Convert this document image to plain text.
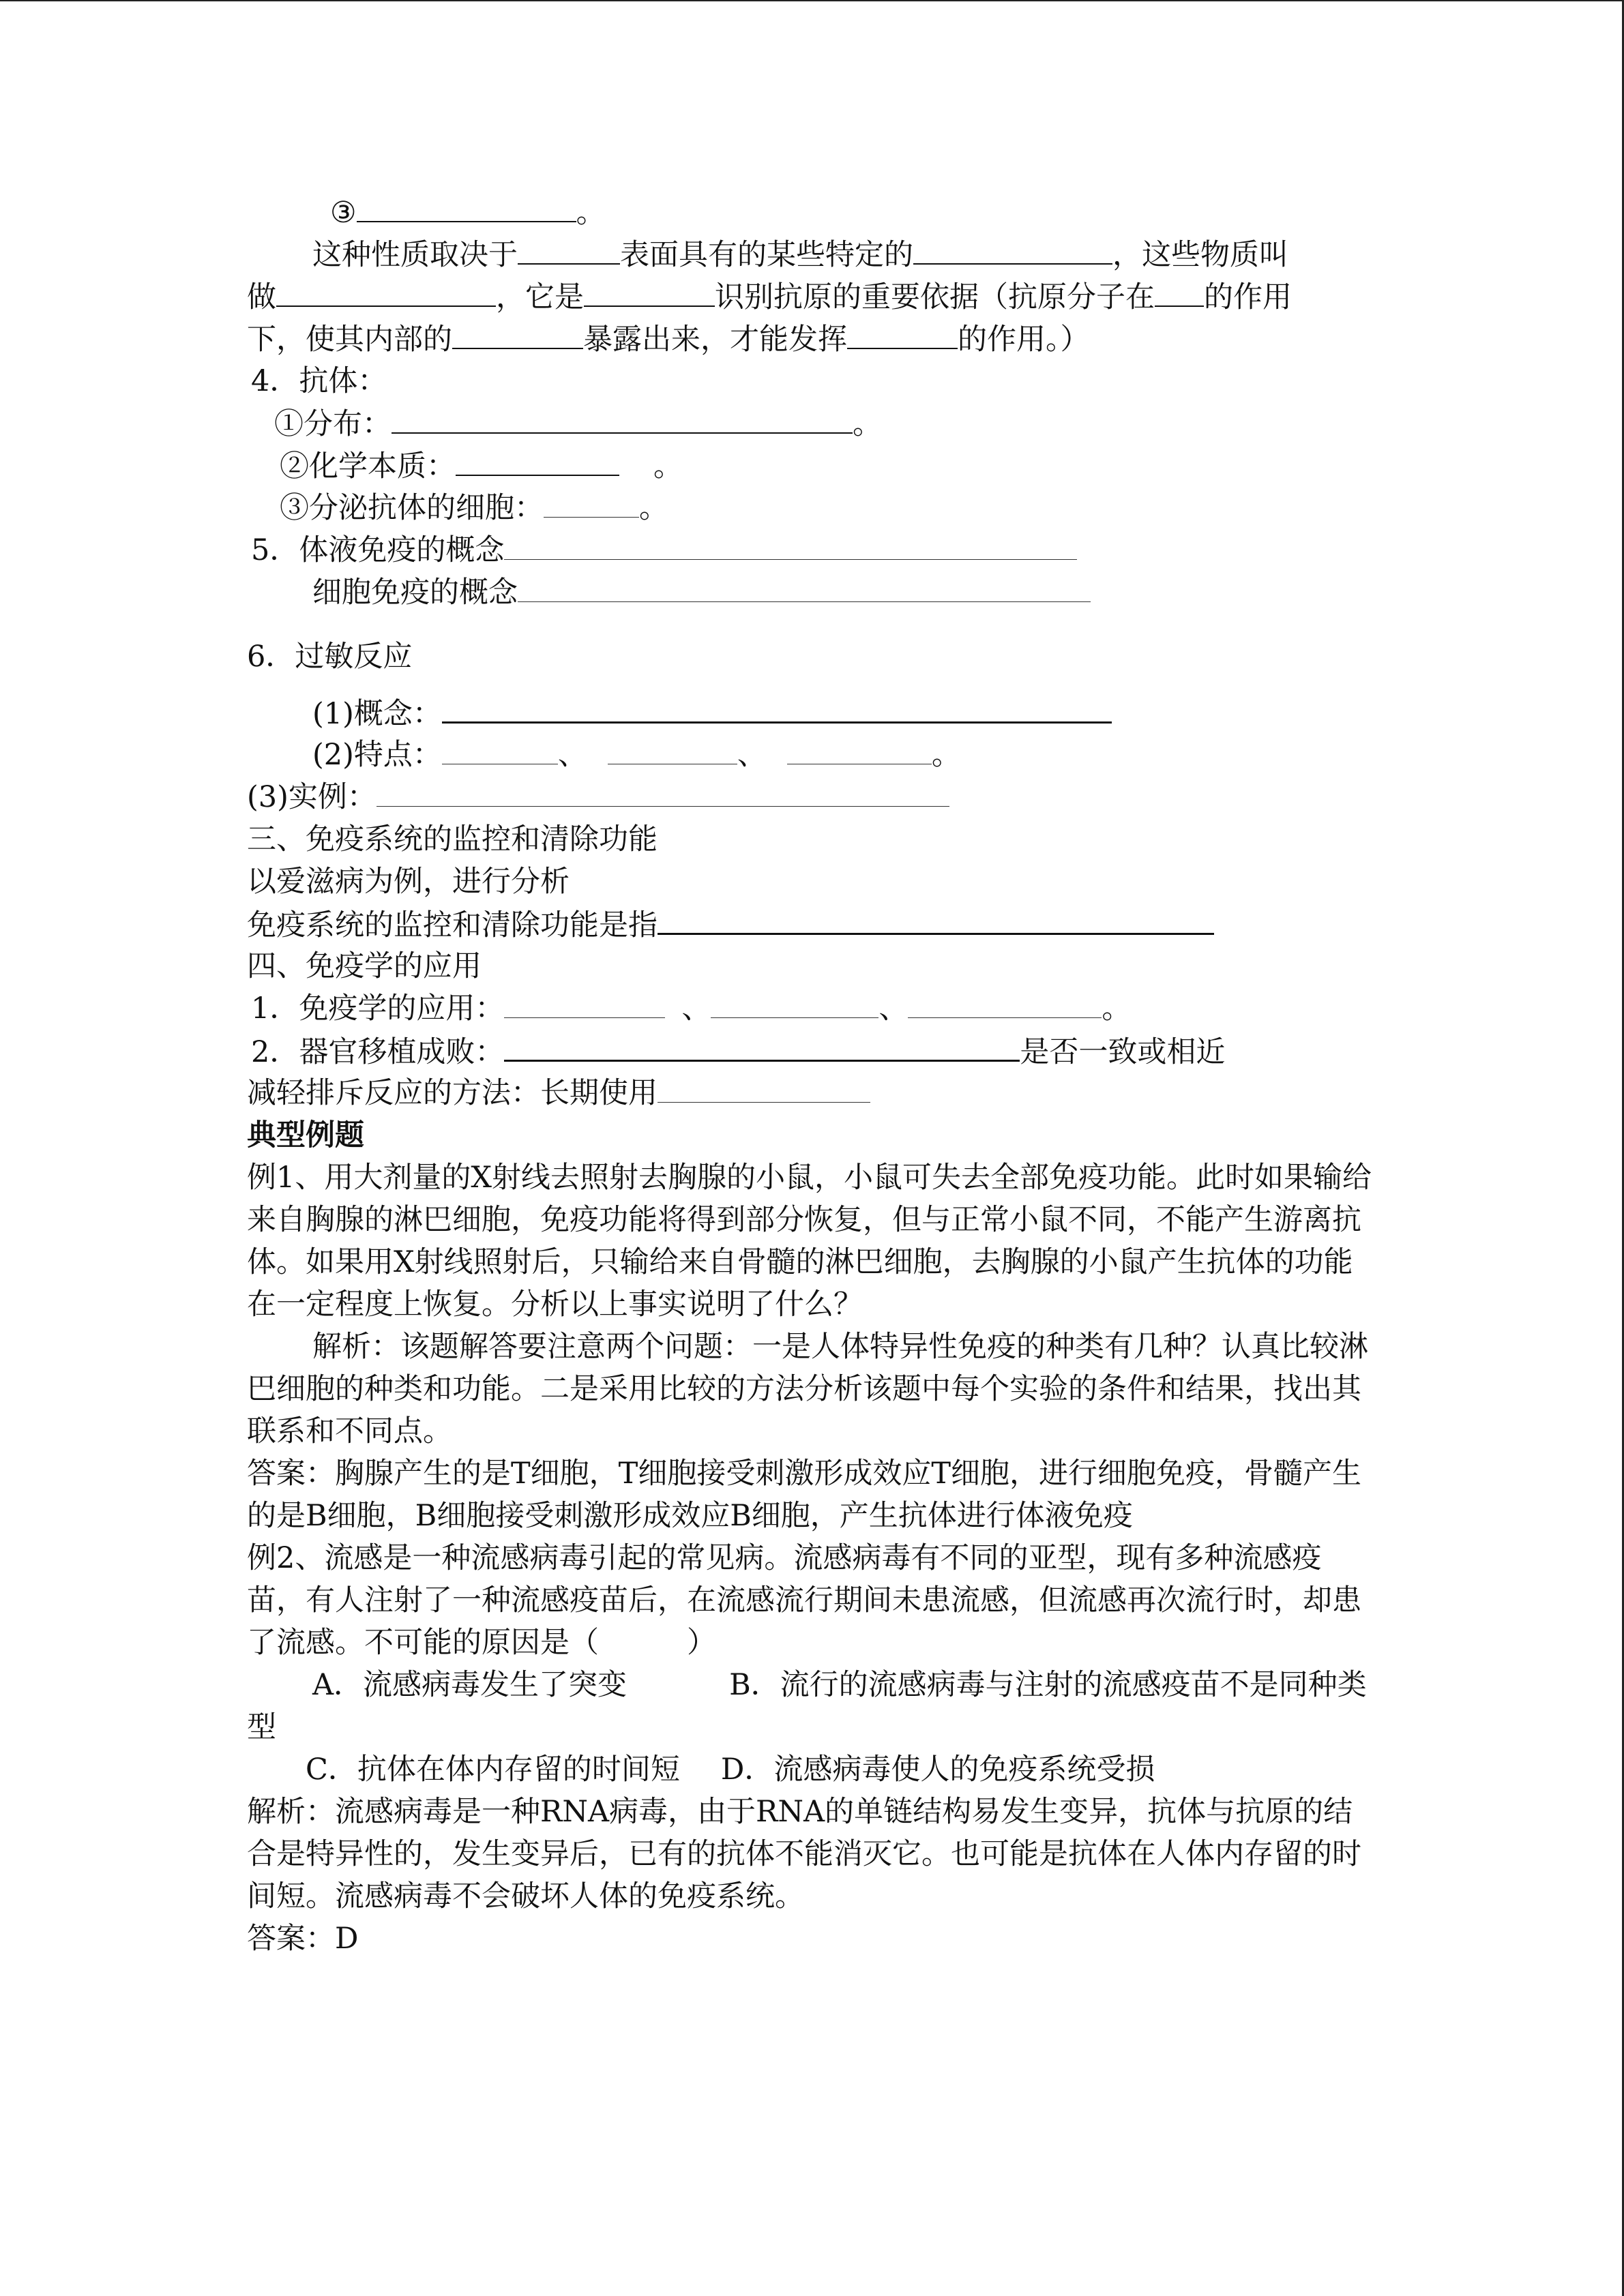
③	。
这种性质取决于	表面具有的某些特定的	，这些物质叫
做	，它是	识别抗原的重要依据（抗原分子在 的作用
下，使其内部的	暴露出来，才能发挥	的作用。）
4．抗体：
①分布：	。
②化学本质：	。
③分泌抗体的细胞：	。
5．体液免疫的概念
细胞免疫的概念
6．过敏反应
(1)概念：
(2)特点：	、	、	。
(3)实例：
三、免疫系统的监控和清除功能
以爱滋病为例，进行分析
免疫系统的监控和清除功能是指
四、免疫学的应用
1．免疫学的应用：	、	、	。
2．器官移植成败：	是否一致或相近
减轻排斥反应的方法：长期使用
典型例题
例1、用大剂量的X射线去照射去胸腺的小鼠，小鼠可失去全部免疫功能。此时如果输给来自胸腺的淋巴细胞，免疫功能将得到部分恢复，但与正常小鼠不同，不能产生游离抗体。如果用X射线照射后，只输给来自骨髓的淋巴细胞，去胸腺的小鼠产生抗体的功能在一定程度上恢复。分析以上事实说明了什么？
解析：该题解答要注意两个问题：一是人体特异性免疫的种类有几种？认真比较淋巴细胞的种类和功能。二是采用比较的方法分析该题中每个实验的条件和结果，找出其联系和不同点。
答案：胸腺产生的是T细胞，T细胞接受刺激形成效应T细胞，进行细胞免疫，骨髓产生的是B细胞，B细胞接受刺激形成效应B细胞，产生抗体进行体液免疫
例2、流感是一种流感病毒引起的常见病。流感病毒有不同的亚型，现有多种流感疫苗，有人注射了一种流感疫苗后，在流感流行期间未患流感，但流感再次流行时，却患了流感。不可能的原因是（　　　）
A．流感病毒发生了突变	B．流行的流感病毒与注射的流感疫苗不是同种类型
C．抗体在体内存留的时间短 D．流感病毒使人的免疫系统受损
解析：流感病毒是一种RNA病毒，由于RNA的单链结构易发生变异，抗体与抗原的结合是特异性的，发生变异后，已有的抗体不能消灭它。也可能是抗体在人体内存留的时间短。流感病毒不会破坏人体的免疫系统。
答案：D
